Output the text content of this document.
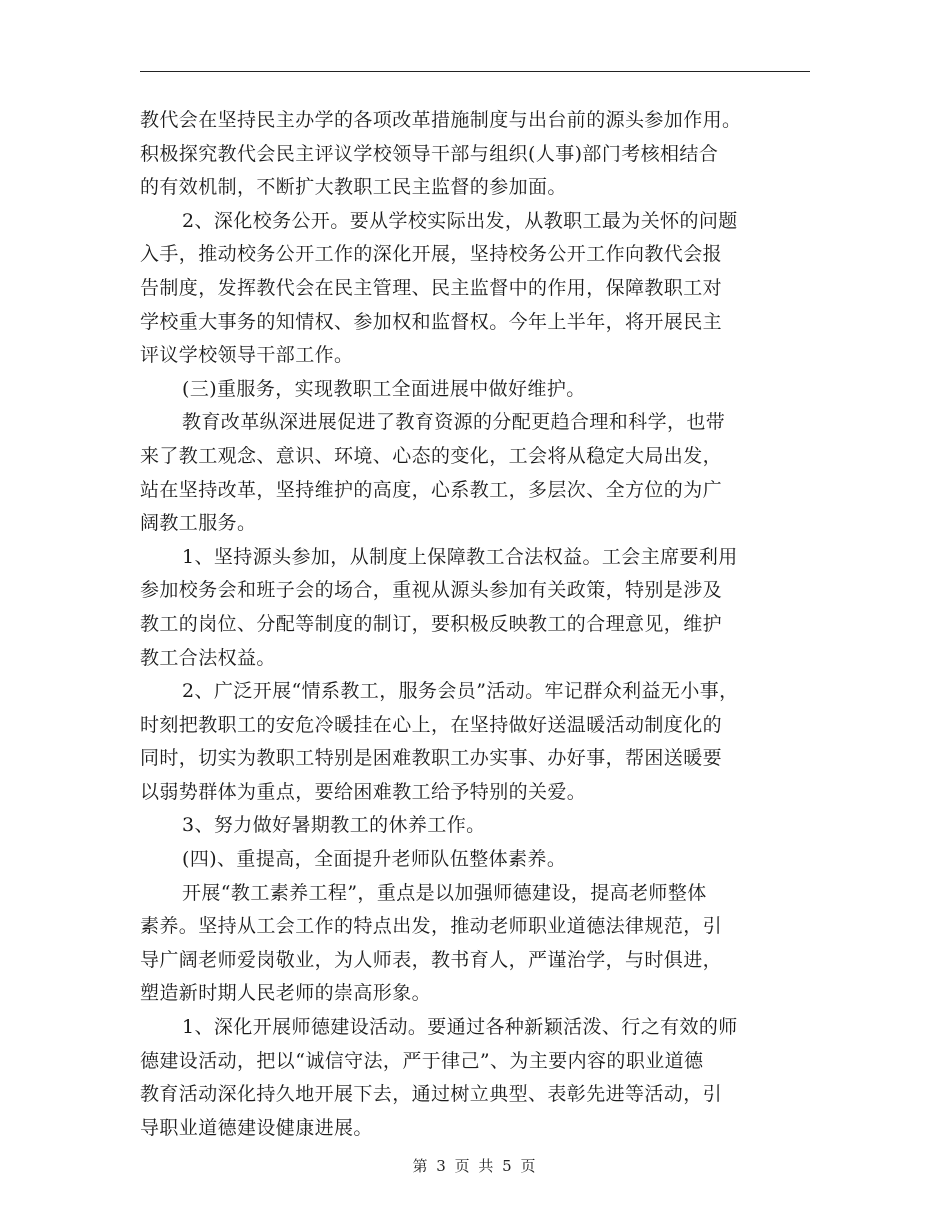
教代会在坚持民主办学的各项改革措施制度与出台前的源头参加作用。
积极探究教代会民主评议学校领导干部与组织(人事)部门考核相结合
的有效机制，不断扩大教职工民主监督的参加面。
2、深化校务公开。要从学校实际出发，从教职工最为关怀的问题
入手，推动校务公开工作的深化开展，坚持校务公开工作向教代会报
告制度，发挥教代会在民主管理、民主监督中的作用，保障教职工对
学校重大事务的知情权、参加权和监督权。今年上半年，将开展民主
评议学校领导干部工作。
(三)重服务，实现教职工全面进展中做好维护。
教育改革纵深进展促进了教育资源的分配更趋合理和科学，也带
来了教工观念、意识、环境、心态的变化，工会将从稳定大局出发，
站在坚持改革，坚持维护的高度，心系教工，多层次、全方位的为广
阔教工服务。
1、坚持源头参加，从制度上保障教工合法权益。工会主席要利用
参加校务会和班子会的场合，重视从源头参加有关政策，特别是涉及
教工的岗位、分配等制度的制订，要积极反映教工的合理意见，维护
教工合法权益。
2、广泛开展“情系教工，服务会员”活动。牢记群众利益无小事，
时刻把教职工的安危冷暖挂在心上，在坚持做好送温暖活动制度化的
同时，切实为教职工特别是困难教职工办实事、办好事，帮困送暖要
以弱势群体为重点，要给困难教工给予特别的关爱。
3、努力做好暑期教工的休养工作。
(四)、重提高，全面提升老师队伍整体素养。
开展“教工素养工程”，重点是以加强师德建设，提高老师整体
素养。坚持从工会工作的特点出发，推动老师职业道德法律规范，引
导广阔老师爱岗敬业，为人师表，教书育人，严谨治学，与时俱进，
塑造新时期人民老师的崇高形象。
1、深化开展师德建设活动。要通过各种新颖活泼、行之有效的师
德建设活动，把以“诚信守法，严于律己”、为主要内容的职业道德
教育活动深化持久地开展下去，通过树立典型、表彰先进等活动，引
导职业道德建设健康进展。
第 3 页 共 5 页
